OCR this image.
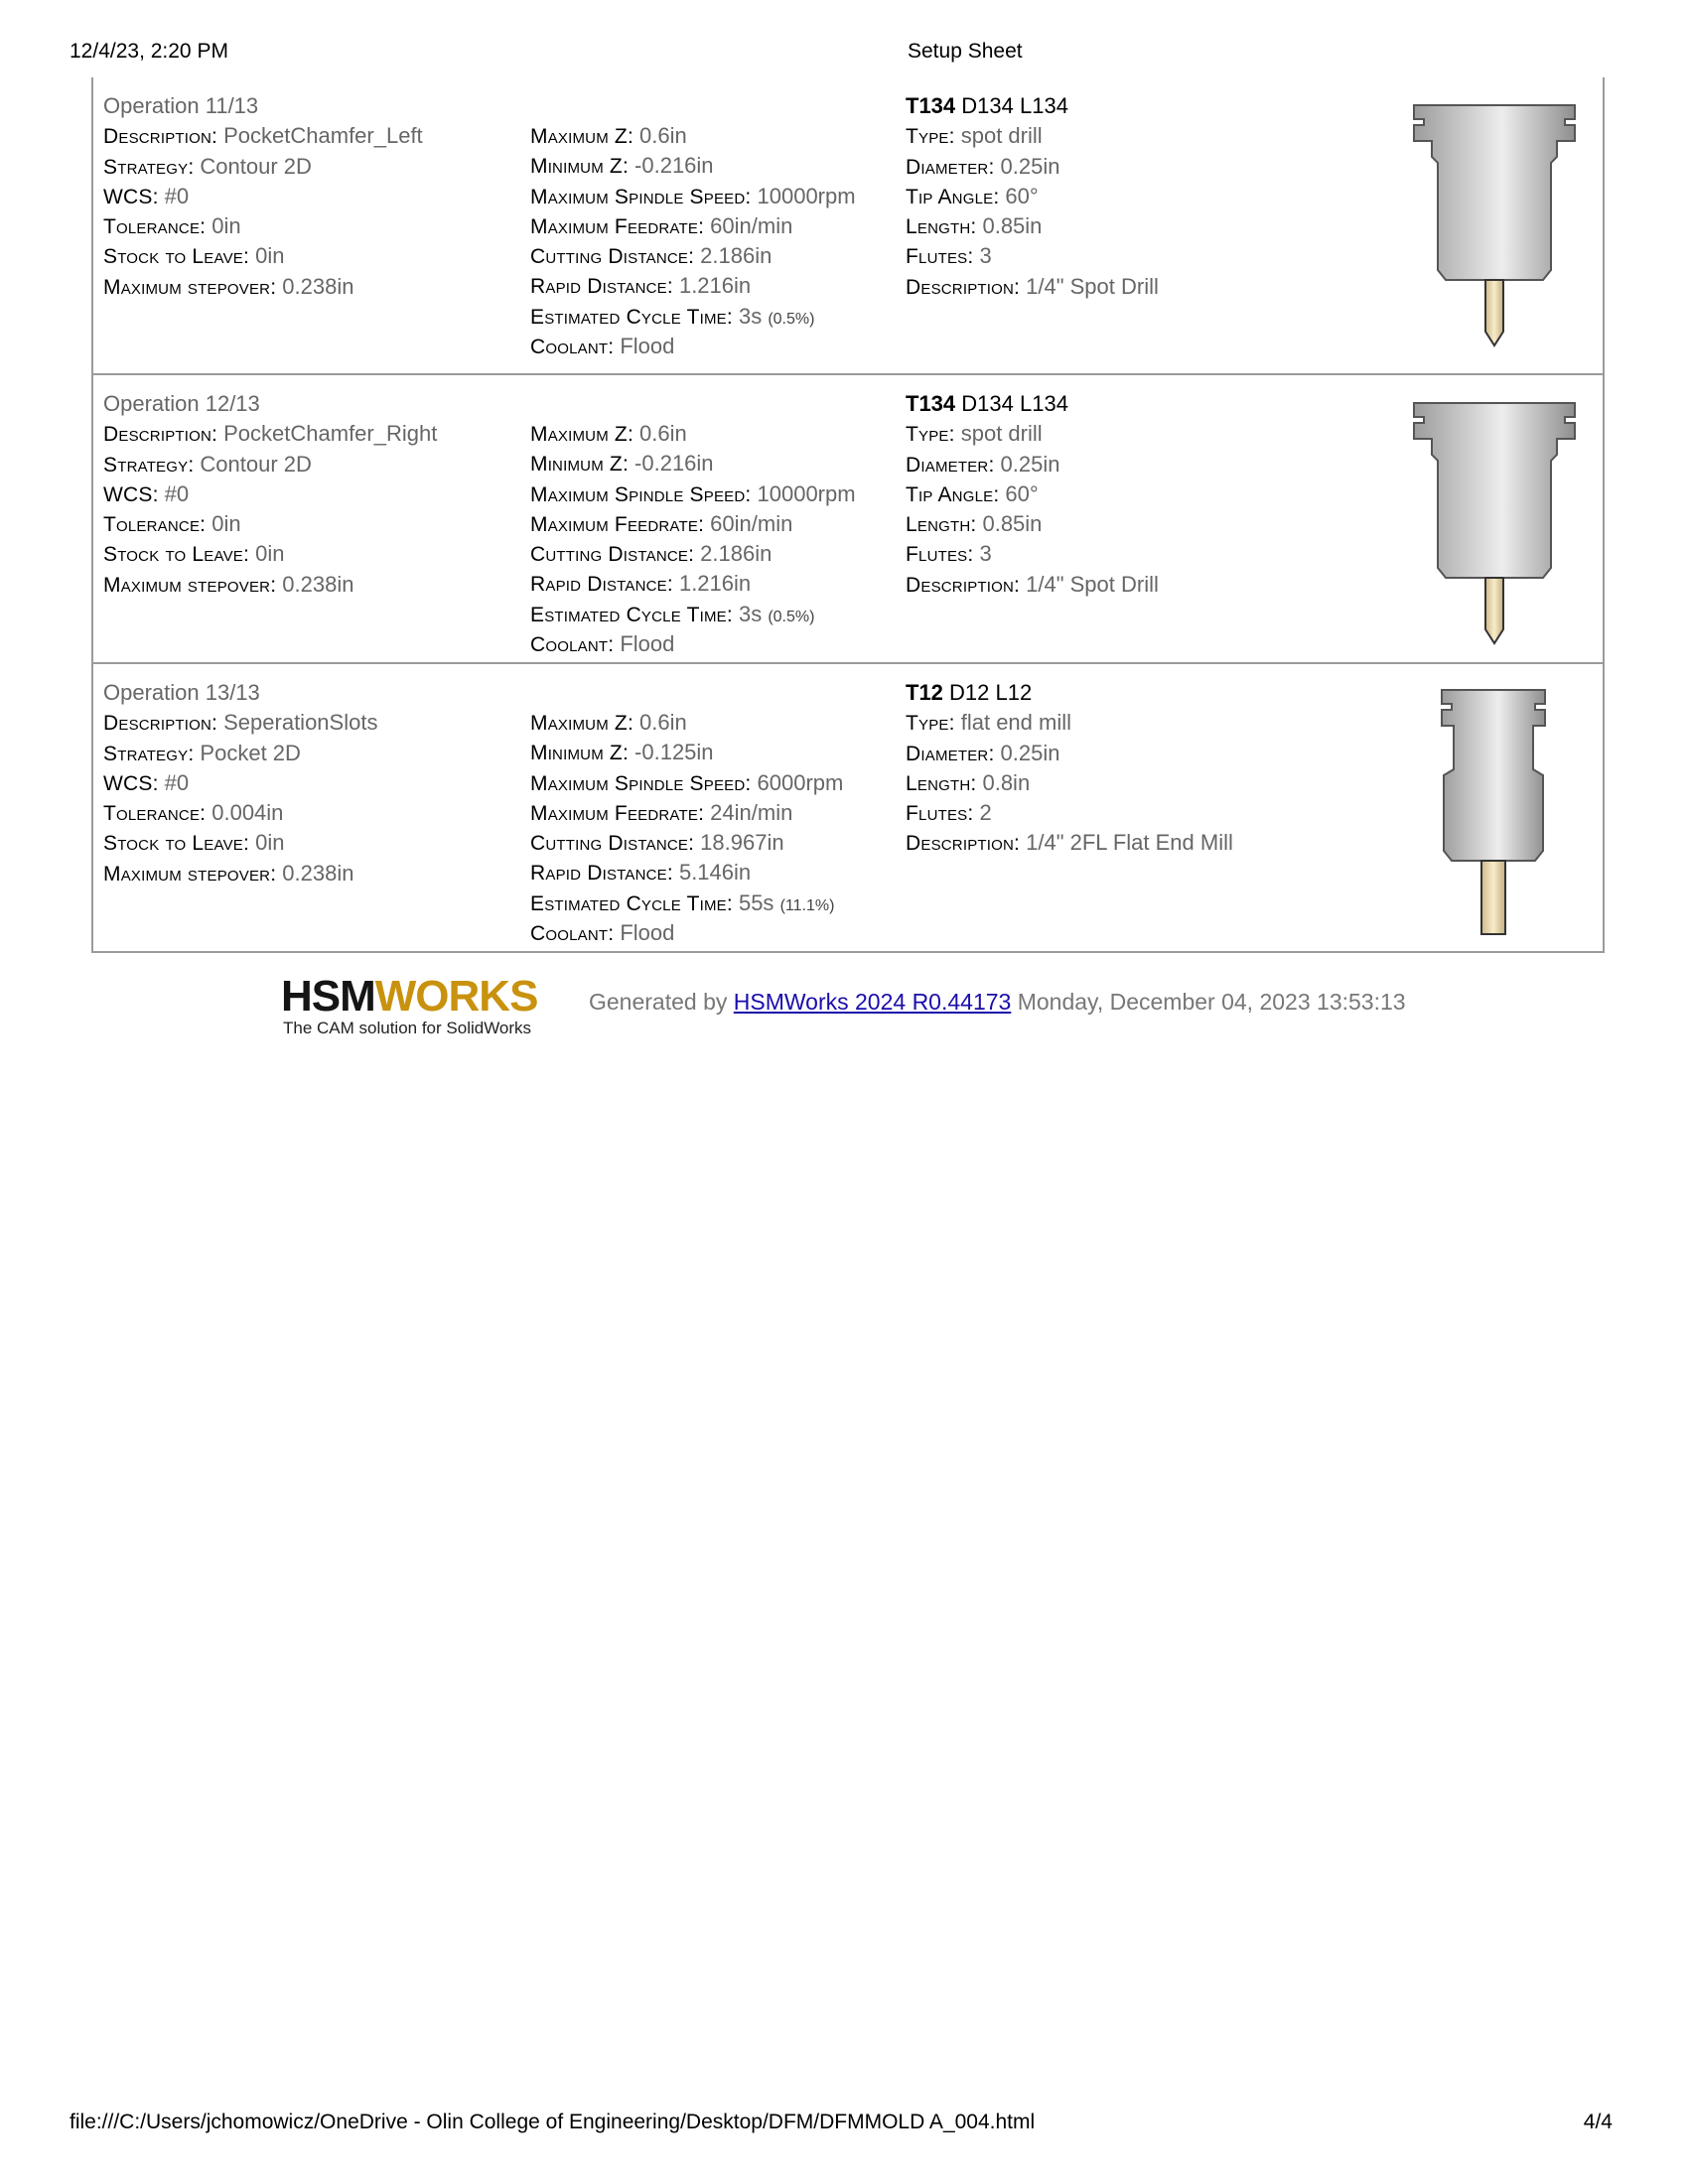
12/4/23, 2:20 PM	Setup Sheet
Operation 11/13
Description: PocketChamfer_Left
Strategy: Contour 2D
WCS: #0
Tolerance: 0in
Stock to Leave: 0in
Maximum stepover: 0.238in
Maximum Z: 0.6in
Minimum Z: -0.216in
Maximum Spindle Speed: 10000rpm
Maximum Feedrate: 60in/min
Cutting Distance: 2.186in
Rapid Distance: 1.216in
Estimated Cycle Time: 3s (0.5%)
Coolant: Flood
T134 D134 L134
Type: spot drill
Diameter: 0.25in
Tip Angle: 60°
Length: 0.85in
Flutes: 3
Description: 1/4" Spot Drill
Operation 12/13
Description: PocketChamfer_Right
Strategy: Contour 2D
WCS: #0
Tolerance: 0in
Stock to Leave: 0in
Maximum stepover: 0.238in
Maximum Z: 0.6in
Minimum Z: -0.216in
Maximum Spindle Speed: 10000rpm
Maximum Feedrate: 60in/min
Cutting Distance: 2.186in
Rapid Distance: 1.216in
Estimated Cycle Time: 3s (0.5%)
Coolant: Flood
T134 D134 L134
Type: spot drill
Diameter: 0.25in
Tip Angle: 60°
Length: 0.85in
Flutes: 3
Description: 1/4" Spot Drill
Operation 13/13
Description: SeperationSlots
Strategy: Pocket 2D
WCS: #0
Tolerance: 0.004in
Stock to Leave: 0in
Maximum stepover: 0.238in
Maximum Z: 0.6in
Minimum Z: -0.125in
Maximum Spindle Speed: 6000rpm
Maximum Feedrate: 24in/min
Cutting Distance: 18.967in
Rapid Distance: 5.146in
Estimated Cycle Time: 55s (11.1%)
Coolant: Flood
T12 D12 L12
Type: flat end mill
Diameter: 0.25in
Length: 0.8in
Flutes: 2
Description: 1/4" 2FL Flat End Mill
HSMWORKS
The CAM solution for SolidWorks
Generated by HSMWorks 2024 R0.44173 Monday, December 04, 2023 13:53:13
file:///C:/Users/jchomowicz/OneDrive - Olin College of Engineering/Desktop/DFM/DFMMOLD A_004.html	4/4
